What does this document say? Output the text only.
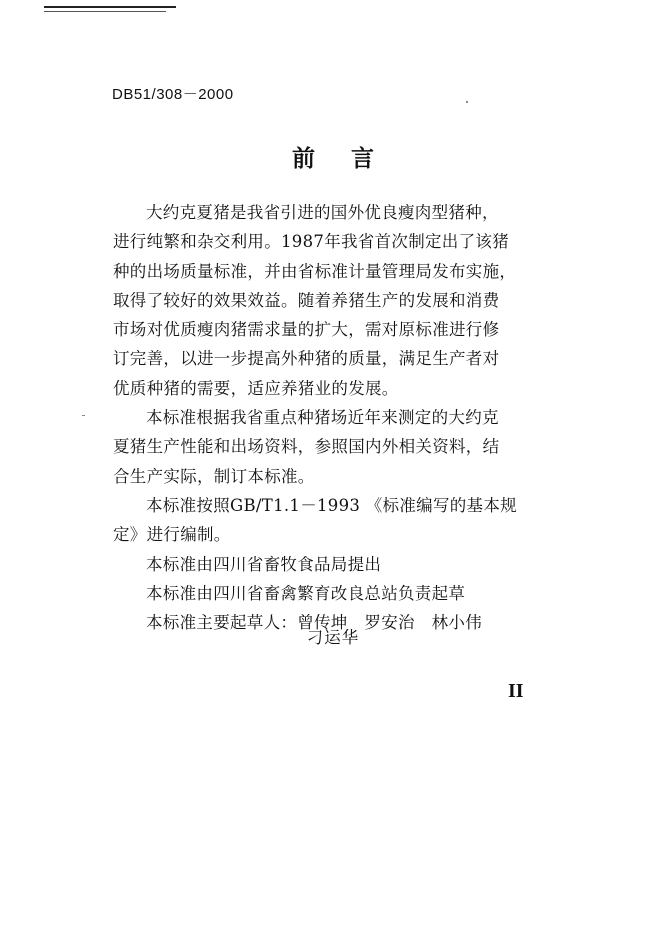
DB51/308－2000
前言
大约克夏猪是我省引进的国外优良瘦肉型猪种，
进行纯繁和杂交利用。1987年我省首次制定出了该猪
种的出场质量标准，并由省标准计量管理局发布实施，
取得了较好的效果效益。随着养猪生产的发展和消费
市场对优质瘦肉猪需求量的扩大，需对原标准进行修
订完善，以进一步提高外种猪的质量，满足生产者对
优质种猪的需要，适应养猪业的发展。
本标准根据我省重点种猪场近年来测定的大约克
夏猪生产性能和出场资料，参照国内外相关资料，结
合生产实际，制订本标准。
本标准按照GB/T1.1－1993 《标准编写的基本规
定》进行编制。
本标准由四川省畜牧食品局提出
本标准由四川省畜禽繁育改良总站负责起草
本标准主要起草人：曾传坤　罗安治　林小伟
刁运华
II
